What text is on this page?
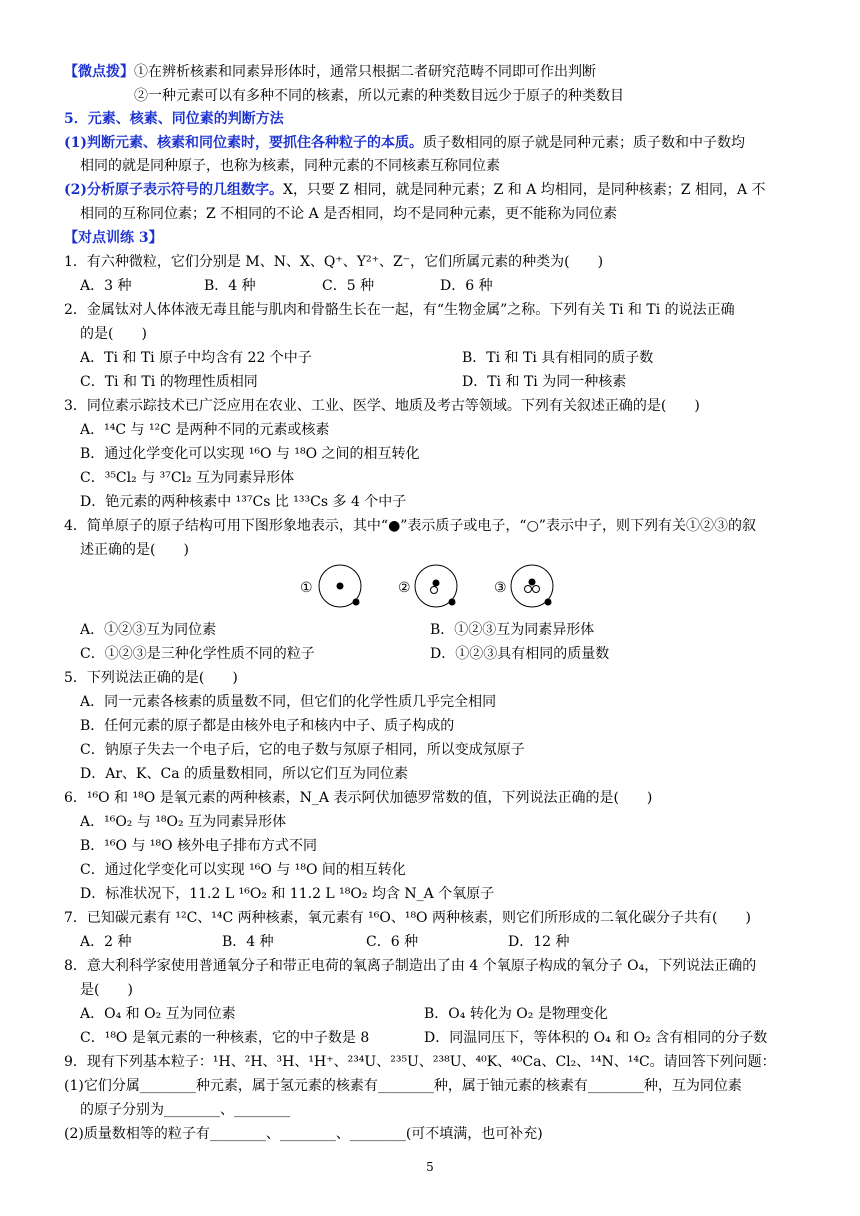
【微点拨】①在辨析核素和同素异形体时，通常只根据二者研究范畴不同即可作出判断
②一种元素可以有多种不同的核素，所以元素的种类数目远少于原子的种类数目
5．元素、核素、同位素的判断方法
(1)判断元素、核素和同位素时，要抓住各种粒子的本质。质子数相同的原子就是同种元素；质子数和中子数均
相同的就是同种原子，也称为核素，同种元素的不同核素互称同位素
(2)分析原子表示符号的几组数字。X，只要 Z 相同，就是同种元素；Z 和 A 均相同，是同种核素；Z 相同，A 不
相同的互称同位素；Z 不相同的不论 A 是否相同，均不是同种元素，更不能称为同位素
【对点训练 3】
1．有六种微粒，它们分别是 M、N、X、Q⁺、Y²⁺、Z⁻，它们所属元素的种类为(　　)
A．3 种	B．4 种	C．5 种	D．6 种
2．金属钛对人体体液无毒且能与肌肉和骨骼生长在一起，有“生物金属”之称。下列有关 Ti 和 Ti 的说法正确
的是(　　)
A．Ti 和 Ti 原子中均含有 22 个中子	B．Ti 和 Ti 具有相同的质子数
C．Ti 和 Ti 的物理性质相同	D．Ti 和 Ti 为同一种核素
3．同位素示踪技术已广泛应用在农业、工业、医学、地质及考古等领域。下列有关叙述正确的是(　　)
A．¹⁴C 与 ¹²C 是两种不同的元素或核素
B．通过化学变化可以实现 ¹⁶O 与 ¹⁸O 之间的相互转化
C．³⁵Cl₂ 与 ³⁷Cl₂ 互为同素异形体
D．铯元素的两种核素中 ¹³⁷Cs 比 ¹³³Cs 多 4 个中子
4．简单原子的原子结构可用下图形象地表示，其中“●”表示质子或电子，“○”表示中子，则下列有关①②③的叙
述正确的是(　　)
①	②	③
A．①②③互为同位素	B．①②③互为同素异形体
C．①②③是三种化学性质不同的粒子	D．①②③具有相同的质量数
5．下列说法正确的是(　　)
A．同一元素各核素的质量数不同，但它们的化学性质几乎完全相同
B．任何元素的原子都是由核外电子和核内中子、质子构成的
C．钠原子失去一个电子后，它的电子数与氖原子相同，所以变成氖原子
D．Ar、K、Ca 的质量数相同，所以它们互为同位素
6．¹⁶O 和 ¹⁸O 是氧元素的两种核素，N_A 表示阿伏加德罗常数的值，下列说法正确的是(　　)
A．¹⁶O₂ 与 ¹⁸O₂ 互为同素异形体
B．¹⁶O 与 ¹⁸O 核外电子排布方式不同
C．通过化学变化可以实现 ¹⁶O 与 ¹⁸O 间的相互转化
D．标准状况下，11.2 L ¹⁶O₂ 和 11.2 L ¹⁸O₂ 均含 N_A 个氧原子
7．已知碳元素有 ¹²C、¹⁴C 两种核素，氧元素有 ¹⁶O、¹⁸O 两种核素，则它们所形成的二氧化碳分子共有(　　)
A．2 种	B．4 种	C．6 种	D．12 种
8．意大利科学家使用普通氧分子和带正电荷的氧离子制造出了由 4 个氧原子构成的氧分子 O₄，下列说法正确的
是(　　)
A．O₄ 和 O₂ 互为同位素	B．O₄ 转化为 O₂ 是物理变化
C．¹⁸O 是氧元素的一种核素，它的中子数是 8	D．同温同压下，等体积的 O₄ 和 O₂ 含有相同的分子数
9．现有下列基本粒子：¹H、²H、³H、¹H⁺、²³⁴U、²³⁵U、²³⁸U、⁴⁰K、⁴⁰Ca、Cl₂、¹⁴N、¹⁴C。请回答下列问题：
(1)它们分属________种元素，属于氢元素的核素有________种，属于铀元素的核素有________种，互为同位素
的原子分别为________、________
(2)质量数相等的粒子有________、________、________(可不填满，也可补充)
5
